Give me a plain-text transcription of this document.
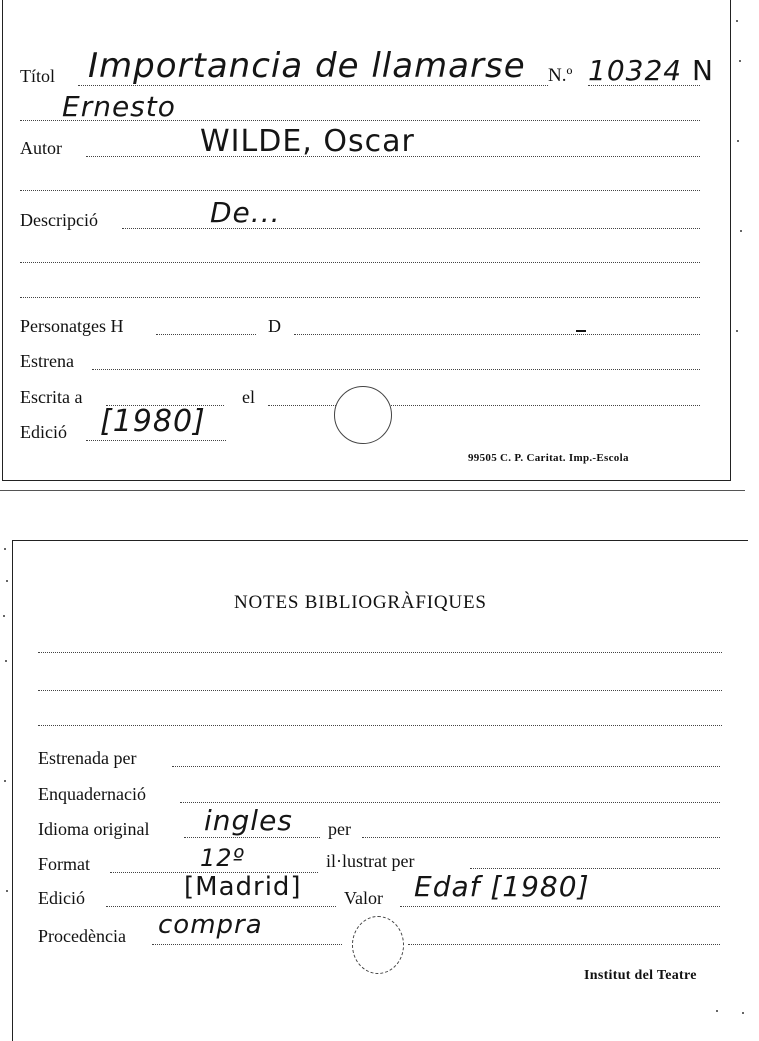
Títol Importancia de llamarse N.º 10324 N
Ernesto
Autor	WILDE, Oscar
Descripció	De...
Personatges H	D
Estrena
Escrita a	el
Edició [1980]
99505 C. P. Caritat. Imp.-Escola
NOTES BIBLIOGRÀFIQUES
Estrenada per
Enquadernació
Idioma original ingles per
Format	12º	il·lustrat per
Edició	[Madrid] Valor Edaf [1980]
Procedència compra
Institut del Teatre
